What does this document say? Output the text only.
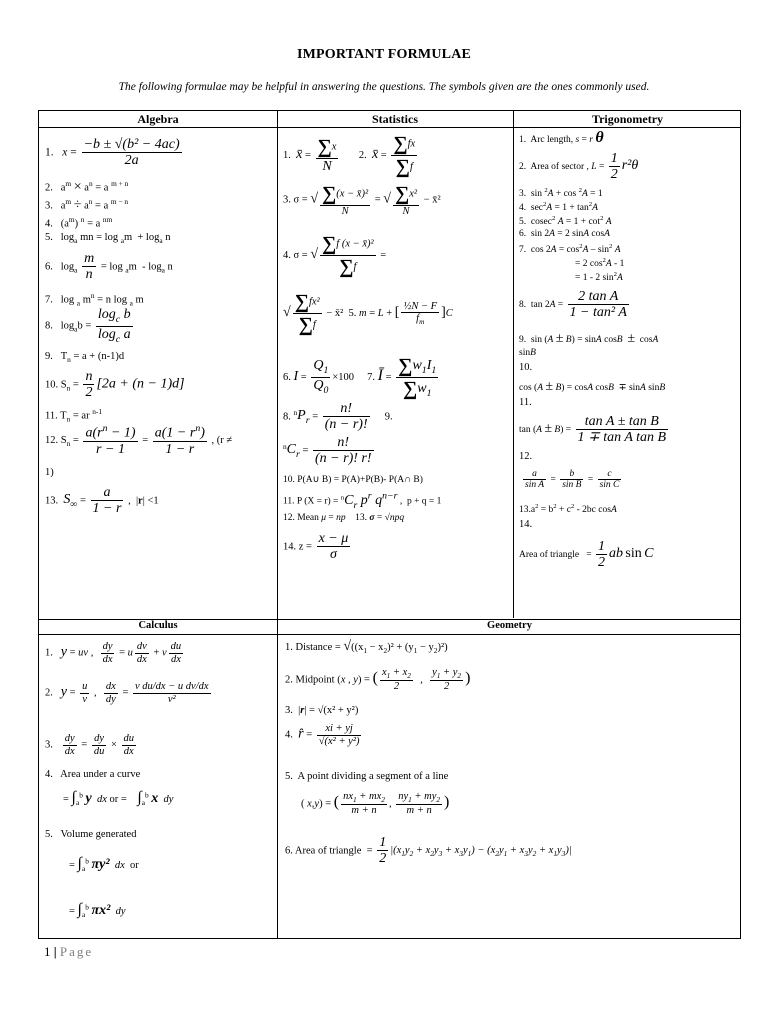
IMPORTANT FORMULAE
The following formulae may be helpful in answering the questions. The symbols given are the ones commonly used.
Algebra	Statistics	Trigonometry
Calculus	Geometry
1.   $x = \frac{\text{−b ± √(b² − 4ac)}}{2a}$
2.   $a^m \times a^n = a$ $^{m + n}$
3.   $a^m \div a^n = a$ $^{m - n}$
4.   $(a^m) ^n = a$ $^{nm}$
5.   $\log_a$ mn = $\log _am + \log_a n$
6.   $\log_a \frac{m}{n} = \log _am - \log_a n$
7.   log $_a$ $m^n = n$ log $_a$ m
8.   $\log_ab = \frac{\log_c b}{\log_c a}$
9.   $T_n = a + (n-1)d$
10. $S_n = \frac{n}{2} [2a + (n - 1)d]$
11. $T_n$ = ar $^{n-1}$
12. $S_n = \frac{a(r^n - 1)}{r - 1} = \frac{a(1 - r^n)}{1 - r}$ , (r ≠
1)
13.  $S_\infty = \frac{a}{1 - r}$ ,  |r| <1
1.  x̄ = $\frac{\sum x}{N} 2$.  x̄ = $\frac{\sum fx}{\sum f}$
3. σ = √ $\frac{\text{∑(x − x̄)²}}{N}$ = √ $\frac{\text{∑x²}}{N}$ − x̄²
4. σ = √ $\frac{\text{∑f (x − x̄)²}}{\sum f}$ =
√ $\frac{\text{∑fx²}}{\sum f}$ − x̄²  5. m = L + [ $\frac{\text{½N − F}}{f_m} ]C$
6. $I = \frac{Q_1}{Q_0} \times 100$     7. Ī = $\frac{\sum w_1I_1}{\sum w_1}$
8. $^nP_r = \frac{n!}{(n - r)!} 9$.
$^nC_r = \frac{n!}{(n - r)! r!}$
10. P(A∪ B) = P(A)+P(B)- P(A∩ B)
11. P $(X = r) = ^nC_r$ $p^r$ $q^{n-r}$ ,  p + q = 1
12. Mean μ = np    13. σ = √npq
14. $z = \frac{x - \mu}{\sigma}$
1.  Arc length, s = r θ
2.  Area of sector , $L = \frac{1}{2} r^2\theta$
3.  sin $^2$A + cos $^2$A = 1
4.  $\sec^2A = 1 + \tan^2A$
5.  cosec$^2$ $A = 1 + \cot^2 A$
6.  sin 2A = 2 sinA cosA
7.  $\cos 2A = \cos^2A - \sin^2 A$
= 2 $\cos^2A - 1$
= 1 - 2 $\sin^2A$
8.  $\tan 2A = \frac{\text{2 tan A}}{\text{1 − tan² A}}$
9.  sin (A ± B) = sinA cosB ±  cosA
sinB
10.
cos (A ± B) = cosA cosB  ∓ sinA sinB
11.
$\tan (A \pm B) = \frac{\text{tan A ± tan B}}{\text{1 ∓ tan A tan B}}$
12.
$\frac{a}{\text{sin A}} = \frac{b}{\text{sin B}} = \frac{c}{\text{sin C}}$
$13.a^2 = b^2 + c^2 - 2bc$ cosA
14.
Area of triangle   = $\frac{1}{2}$ ab sin C
1.   y = uv , $\frac{dy}{dx} = u \frac{dv}{dx} + v \frac{du}{dx}$
2.   $y = \frac{u}{v}$ , $\frac{dx}{dy} = \frac{\text{v du/dx − u dv/dx}}{\text{v²}}$
3. $\frac{dy}{dx} = \frac{dy}{du} \times \frac{du}{dx}$
4.   Area under a curve
= $\int_a^b$ y dx or =    $\int_a^b$ x dy
5.   Volume generated
= $\int_a^b$ πy² dx  or
= $\int_a^b$ πx² dy
1. Distance = $√((x_1 - x_2)^2 + (y_1 - y_2)^2)$
2. Midpoint (x , y) = ( $\frac{x_1 + x_2}{2}$ , $\frac{y_1 + y_2}{2}$ )
3.  |r| = √(x² + y²)
4.  r̂ = $\frac{xi + yj}{\text{√(x² + y²)}}$
5.  A point dividing a segment of a line
( x,y) = ( $\frac{nx_1 + mx_2}{m + n}$ , $\frac{ny_1 + my_2}{m + n}$ )
6. Area of triangle  = $\frac{1}{2} |(x_1y_2 + x_2y_3 + x_3y_1) - (x_2y_1 + x_3y_2 + x_1y_3)|$
1 | Page
